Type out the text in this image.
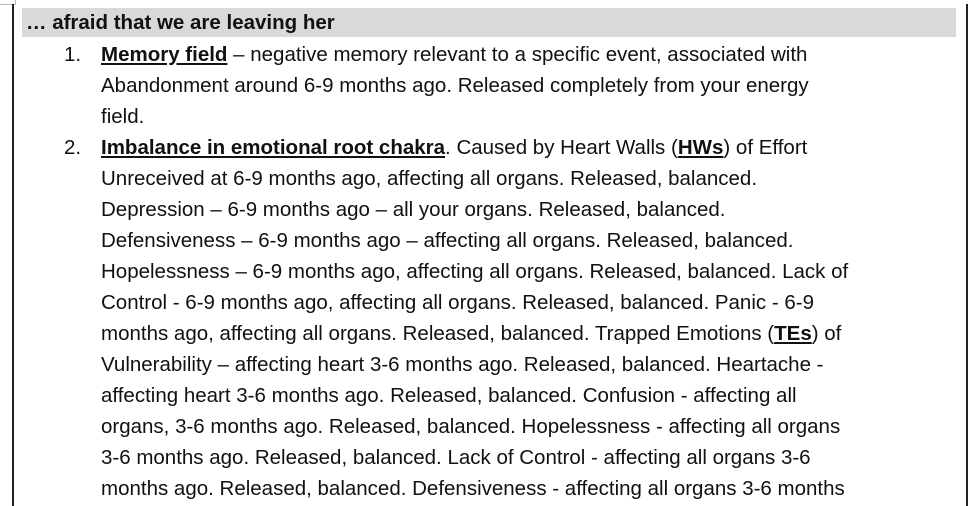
… afraid that we are leaving her
1. Memory field – negative memory relevant to a specific event, associated with
Abandonment around 6-9 months ago. Released completely from your energy
field.
2. Imbalance in emotional root chakra. Caused by Heart Walls (HWs) of Effort
Unreceived at 6-9 months ago, affecting all organs. Released, balanced.
Depression – 6-9 months ago – all your organs. Released, balanced.
Defensiveness – 6-9 months ago – affecting all organs. Released, balanced.
Hopelessness – 6-9 months ago, affecting all organs. Released, balanced. Lack of
Control - 6-9 months ago, affecting all organs. Released, balanced. Panic - 6-9
months ago, affecting all organs. Released, balanced. Trapped Emotions (TEs) of
Vulnerability – affecting heart 3-6 months ago. Released, balanced. Heartache -
affecting heart 3-6 months ago. Released, balanced. Confusion - affecting all
organs, 3-6 months ago. Released, balanced. Hopelessness - affecting all organs
3-6 months ago. Released, balanced. Lack of Control - affecting all organs 3-6
months ago. Released, balanced. Defensiveness - affecting all organs 3-6 months
